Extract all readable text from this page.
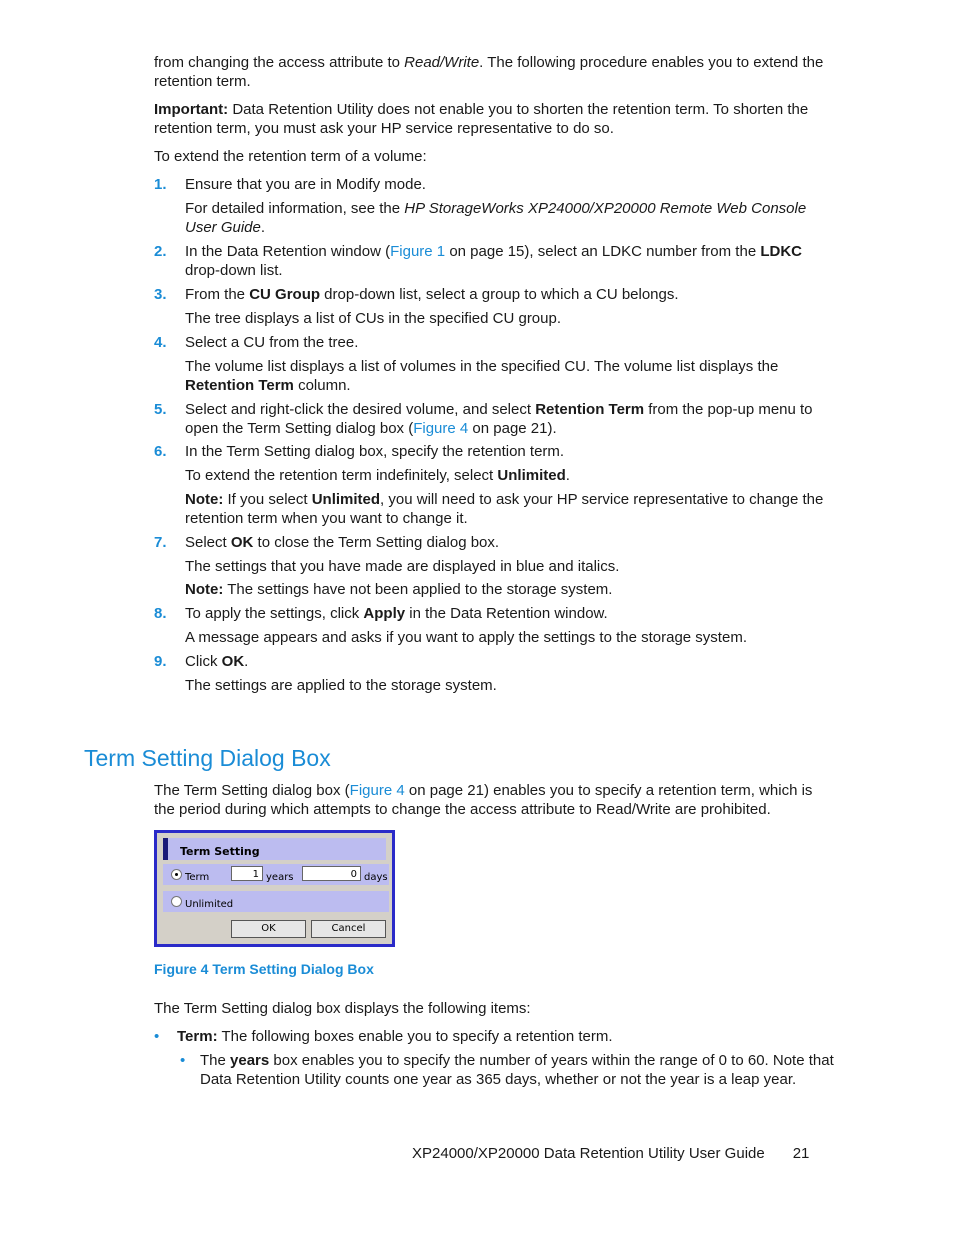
from changing the access attribute to Read/Write. The following procedure enables you to extend the retention term.

Important: Data Retention Utility does not enable you to shorten the retention term. To shorten the retention term, you must ask your HP service representative to do so.

To extend the retention term of a volume:

1. Ensure that you are in Modify mode.

For detailed information, see the HP StorageWorks XP24000/XP20000 Remote Web Console User Guide.

2. In the Data Retention window (Figure 1 on page 15), select an LDKC number from the LDKC drop-down list.

3. From the CU Group drop-down list, select a group to which a CU belongs.

The tree displays a list of CUs in the specified CU group.

4. Select a CU from the tree.

The volume list displays a list of volumes in the specified CU. The volume list displays the Retention Term column.

5. Select and right-click the desired volume, and select Retention Term from the pop-up menu to open the Term Setting dialog box (Figure 4 on page 21).

6. In the Term Setting dialog box, specify the retention term.

To extend the retention term indefinitely, select Unlimited.

Note: If you select Unlimited, you will need to ask your HP service representative to change the retention term when you want to change it.

7. Select OK to close the Term Setting dialog box.

The settings that you have made are displayed in blue and italics.

Note: The settings have not been applied to the storage system.

8. To apply the settings, click Apply in the Data Retention window.

A message appears and asks if you want to apply the settings to the storage system.

9. Click OK.

The settings are applied to the storage system.

Term Setting Dialog Box

The Term Setting dialog box (Figure 4 on page 21) enables you to specify a retention term, which is the period during which attempts to change the access attribute to Read/Write are prohibited.

Term Setting
Term	1 years	0 days
Unlimited
OK	Cancel
Figure 4 Term Setting Dialog Box

The Term Setting dialog box displays the following items:

• Term: The following boxes enable you to specify a retention term.

• The years box enables you to specify the number of years within the range of 0 to 60. Note that Data Retention Utility counts one year as 365 days, whether or not the year is a leap year.

XP24000/XP20000 Data Retention Utility User Guide 21
